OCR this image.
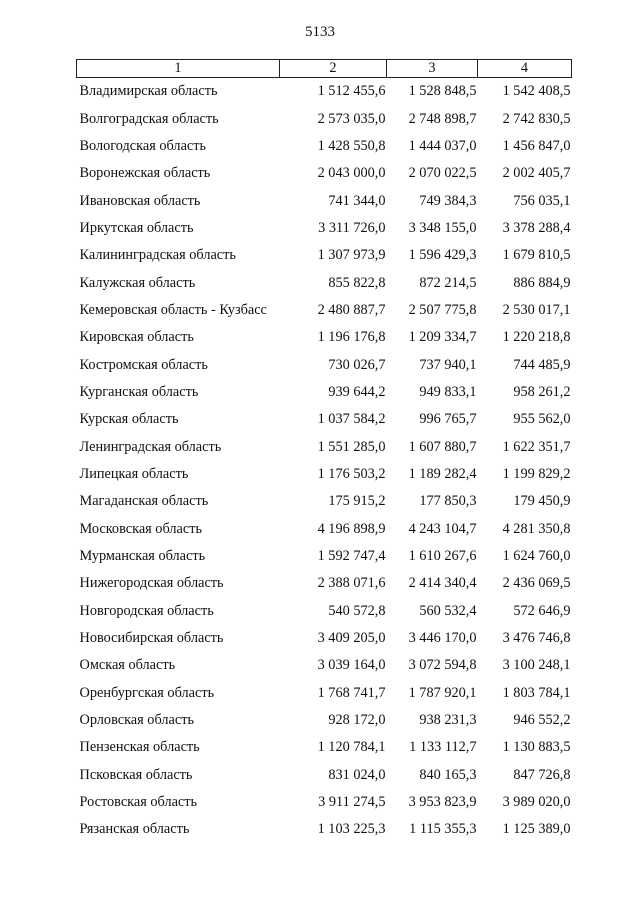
5133
1	2	3	4
Владимирская область	1 512 455,6	1 528 848,5	1 542 408,5
Волгоградская область	2 573 035,0	2 748 898,7	2 742 830,5
Вологодская область	1 428 550,8	1 444 037,0	1 456 847,0
Воронежская область	2 043 000,0	2 070 022,5	2 002 405,7
Ивановская область	741 344,0	749 384,3	756 035,1
Иркутская область	3 311 726,0	3 348 155,0	3 378 288,4
Калининградская область	1 307 973,9	1 596 429,3	1 679 810,5
Калужская область	855 822,8	872 214,5	886 884,9
Кемеровская область - Кузбасс	2 480 887,7	2 507 775,8	2 530 017,1
Кировская область	1 196 176,8	1 209 334,7	1 220 218,8
Костромская область	730 026,7	737 940,1	744 485,9
Курганская область	939 644,2	949 833,1	958 261,2
Курская область	1 037 584,2	996 765,7	955 562,0
Ленинградская область	1 551 285,0	1 607 880,7	1 622 351,7
Липецкая область	1 176 503,2	1 189 282,4	1 199 829,2
Магаданская область	175 915,2	177 850,3	179 450,9
Московская область	4 196 898,9	4 243 104,7	4 281 350,8
Мурманская область	1 592 747,4	1 610 267,6	1 624 760,0
Нижегородская область	2 388 071,6	2 414 340,4	2 436 069,5
Новгородская область	540 572,8	560 532,4	572 646,9
Новосибирская область	3 409 205,0	3 446 170,0	3 476 746,8
Омская область	3 039 164,0	3 072 594,8	3 100 248,1
Оренбургская область	1 768 741,7	1 787 920,1	1 803 784,1
Орловская область	928 172,0	938 231,3	946 552,2
Пензенская область	1 120 784,1	1 133 112,7	1 130 883,5
Псковская область	831 024,0	840 165,3	847 726,8
Ростовская область	3 911 274,5	3 953 823,9	3 989 020,0
Рязанская область	1 103 225,3	1 115 355,3	1 125 389,0
